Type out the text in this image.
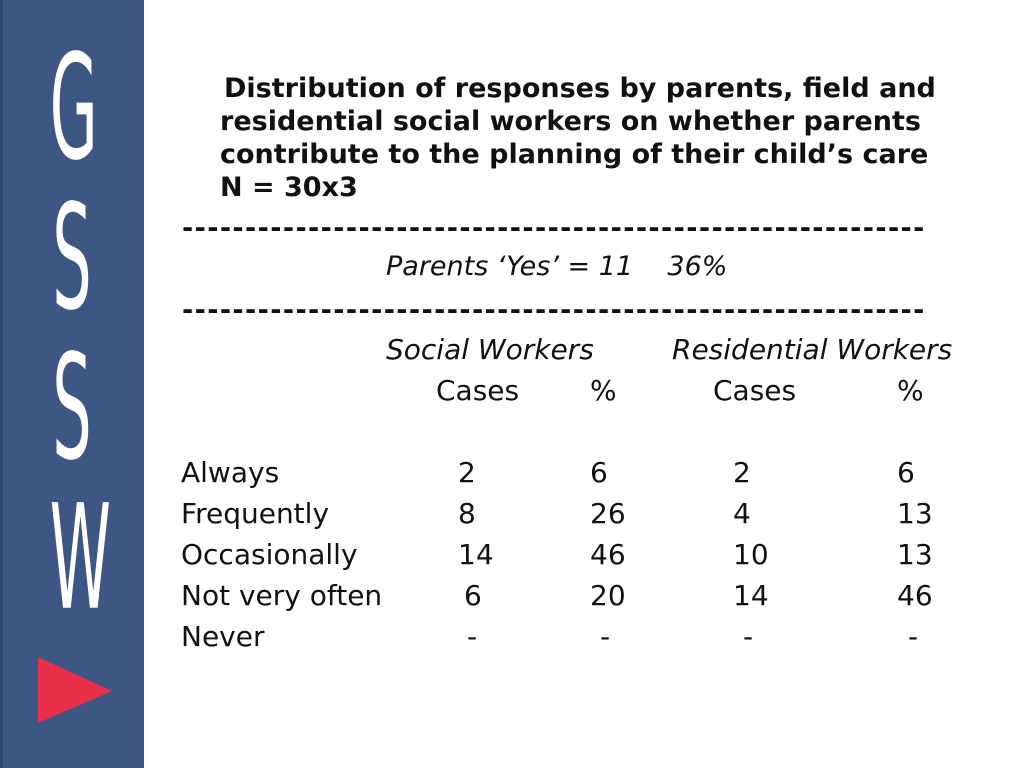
G
S
S
W
Distribution of responses by parents, field and
residential social workers on whether parents
contribute to the planning of their child’s care
N = 30x3
-----------------------------------------------------------
-----------------------------------------------------------
Parents ‘Yes’ = 11 36%
Social Workers	Residential Workers
Cases	%	Cases	%
Always	2	6	2	6
Frequently	8	26	4	13
Occasionally	14	46	10	13
Not very often	6	20	14	46
Never	-	-	-	-
